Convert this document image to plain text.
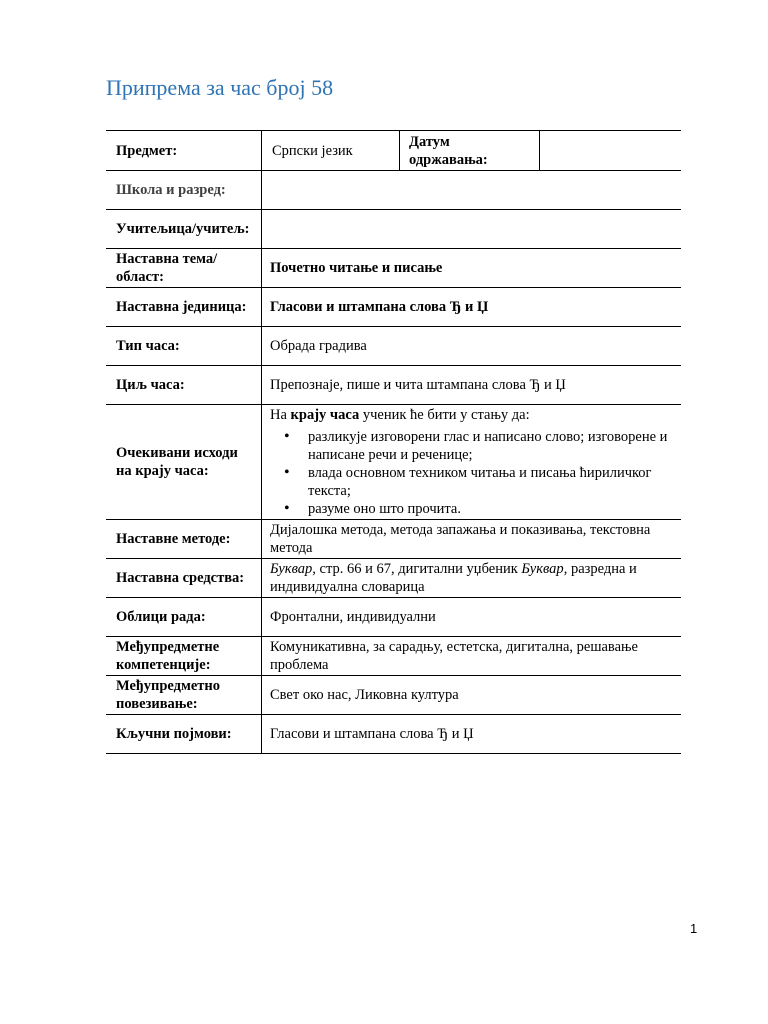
Припрема за час број 58
Предмет:		Српски језик	Датум одржавања:	

Школа и разред:	
Учитељица/учитељ:	
Наставна тема/област:	Почетно читање и писање
Наставна јединица:	Гласови и штампана слова Ђ и Џ
Тип часа:	Обрада градива
Циљ часа:	Препознаје, пише и чита штампана слова Ђ и Џ
Очекивани исходи на крају часа:	
На крају часа ученик ће бити у стању да:
• разликује изговорени глас и написано слово; изговорене и написане речи и реченице;
• влада основном техником читања и писања ћириличког текста;
• разуме оно што прочита.

Наставне методе:	Дијалошка метода, метода запажања и показивања, текстовна метода
Наставна средства:	Буквар, стр. 66 и 67, дигитални уџбеник Буквар, разредна и индивидуална словарица
Облици рада:	Фронтални, индивидуални
Међупредметне компетенције:	Комуникативна, за сарадњу, естетска, дигитална, решавање проблема
Међупредметно повезивање:	Свет око нас, Ликовна култура
Кључни појмови:	Гласови и штампана слова Ђ и Џ
1
